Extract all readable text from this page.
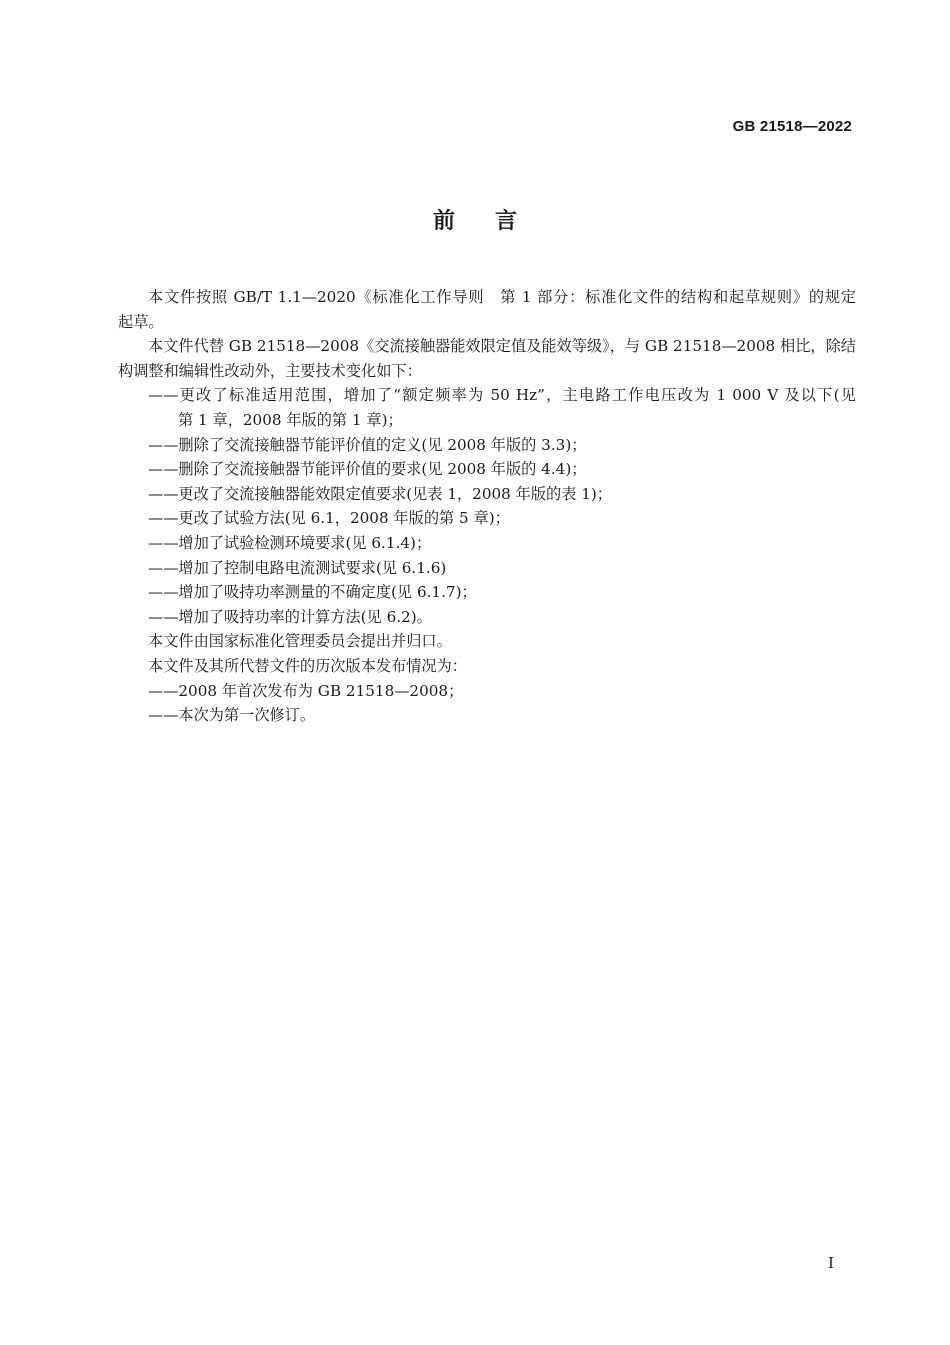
GB 21518—2022
前言
本文件按照 GB/T 1.1—2020《标准化工作导则　第 1 部分：标准化文件的结构和起草规则》的规定
起草。
本文件代替 GB 21518—2008《交流接触器能效限定值及能效等级》，与 GB 21518—2008 相比，除结
构调整和编辑性改动外，主要技术变化如下：
——更改了标准适用范围，增加了“额定频率为 50 Hz”，主电路工作电压改为 1 000 V 及以下(见
第 1 章，2008 年版的第 1 章)；
——删除了交流接触器节能评价值的定义(见 2008 年版的 3.3)；
——删除了交流接触器节能评价值的要求(见 2008 年版的 4.4)；
——更改了交流接触器能效限定值要求(见表 1，2008 年版的表 1)；
——更改了试验方法(见 6.1，2008 年版的第 5 章)；
——增加了试验检测环境要求(见 6.1.4)；
——增加了控制电路电流测试要求(见 6.1.6)
——增加了吸持功率测量的不确定度(见 6.1.7)；
——增加了吸持功率的计算方法(见 6.2)。
本文件由国家标准化管理委员会提出并归口。
本文件及其所代替文件的历次版本发布情况为：
——2008 年首次发布为 GB 21518—2008；
——本次为第一次修订。
I
